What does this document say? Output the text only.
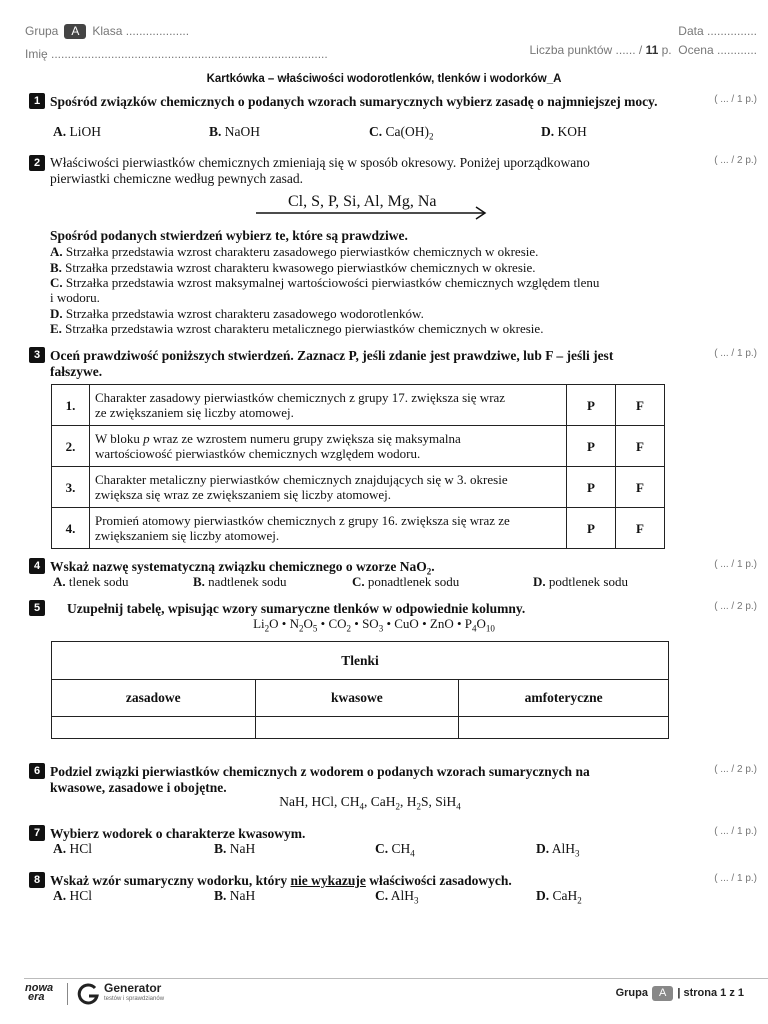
Grupa A Klasa ...................
Imię ...................................................................................
Data ...............
Liczba punktów ...... / 11 p. Ocena ............
Kartkówka – właściwości wodorotlenków, tlenków i wodorków_A
1	( ... / 1 p.)
Spośród związków chemicznych o podanych wzorach sumarycznych wybierz zasadę o najmniejszej mocy.
A. LiOH	B. NaOH	C. $Ca(OH)_2$	D. KOH
2	( ... / 2 p.)
Właściwości pierwiastków chemicznych zmieniają się w sposób okresowy. Poniżej uporządkowano
pierwiastki chemiczne według pewnych zasad.
Cl, S, P, Si, Al, Mg, Na
Spośród podanych stwierdzeń wybierz te, które są prawdziwe.
A. Strzałka przedstawia wzrost charakteru zasadowego pierwiastków chemicznych w okresie.
B. Strzałka przedstawia wzrost charakteru kwasowego pierwiastków chemicznych w okresie.
C. Strzałka przedstawia wzrost maksymalnej wartościowości pierwiastków chemicznych względem tlenu
i wodoru.
D. Strzałka przedstawia wzrost charakteru zasadowego wodorotlenków.
E. Strzałka przedstawia wzrost charakteru metalicznego pierwiastków chemicznych w okresie.
3	( ... / 1 p.)
Oceń prawdziwość poniższych stwierdzeń. Zaznacz P, jeśli zdanie jest prawdziwe, lub F – jeśli jest
fałszywe.
1.	Charakter zasadowy pierwiastków chemicznych z grupy 17. zwiększa się wraz
ze zwiększaniem się liczby atomowej.	P	F
2.	W bloku p wraz ze wzrostem numeru grupy zwiększa się maksymalna
wartościowość pierwiastków chemicznych względem wodoru.	P	F
3.	Charakter metaliczny pierwiastków chemicznych znajdujących się w 3. okresie
zwiększa się wraz ze zwiększaniem się liczby atomowej.	P	F
4.	Promień atomowy pierwiastków chemicznych z grupy 16. zwiększa się wraz ze
zwiększaniem się liczby atomowej.	P	F
4	( ... / 1 p.)
Wskaż nazwę systematyczną związku chemicznego o wzorze NaO$_2$.
A. tlenek sodu	B. nadtlenek sodu	C. ponadtlenek sodu	D. podtlenek sodu
5	( ... / 2 p.)
Uzupełnij tabelę, wpisując wzory sumaryczne tlenków w odpowiednie kolumny.
$Li_2O$ • $N_2O_5$ • $CO_2$ • $SO_3$ • CuO • ZnO • $P_4O_{10}$
Tlenki		
zasadowe	kwasowe	amfoteryczne

6	( ... / 2 p.)
Podziel związki pierwiastków chemicznych z wodorem o podanych wzorach sumarycznych na
kwasowe, zasadowe i obojętne.
NaH, HCl, $CH_4$, CaH$_2$, $H_2S$, SiH$_4$
7	( ... / 1 p.)
Wybierz wodorek o charakterze kwasowym.
A. HCl	B. NaH	C. $CH_4$	D. AlH$_3$
8	( ... / 1 p.)
Wskaż wzór sumaryczny wodorku, który nie wykazuje właściwości zasadowych.
A. HCl	B. NaH	C. AlH$_3$	D. CaH$_2$
nowa
era
Generator
testów i sprawdzianów	Grupa A | strona 1 z 1
